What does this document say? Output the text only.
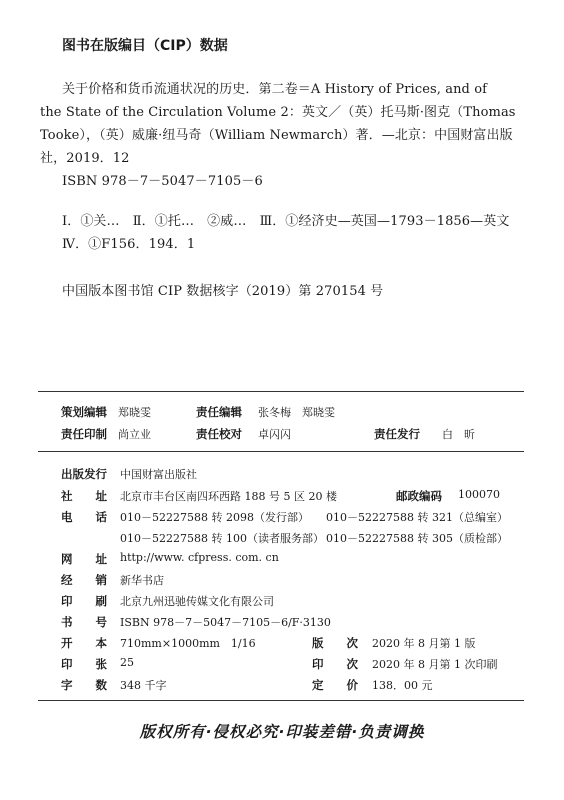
图书在版编目（CIP）数据
关于价格和货币流通状况的历史．第二卷＝A History of Prices, and of
the State of the Circulation Volume 2：英文／（英）托马斯·图克（Thomas
Tooke），（英）威廉·纽马奇（William Newmarch）著．—北京：中国财富出版
社，2019．12
ISBN 978－7－5047－7105－6
Ⅰ．①关…　Ⅱ．①托…　②威…　Ⅲ．①经济史—英国—1793－1856—英文
Ⅳ．①F156．194．1
中国版本图书馆 CIP 数据核字（2019）第 270154 号
策划编辑 郑晓雯	责任编辑 张冬梅　郑晓雯
责任印制 尚立业	责任校对 卓闪闪	责任发行 白　昕
出版发行 中国财富出版社
社　　址 北京市丰台区南四环西路 188 号 5 区 20 楼	邮政编码 100070
电　　话 010－52227588 转 2098（发行部） 010－52227588 转 321（总编室）
010－52227588 转 100（读者服务部） 010－52227588 转 305（质检部）
网　　址 http://www. cfpress. com. cn
经　　销 新华书店
印　　刷 北京九州迅驰传媒文化有限公司
书　　号 ISBN 978－7－5047－7105－6/F·3130
开　　本 710mm×1000mm　1/16	版　　次 2020 年 8 月第 1 版
印　　张 25	印　　次 2020 年 8 月第 1 次印刷
字　　数 348 千字	定　　价 138．00 元
版权所有·侵权必究·印装差错·负责调换
